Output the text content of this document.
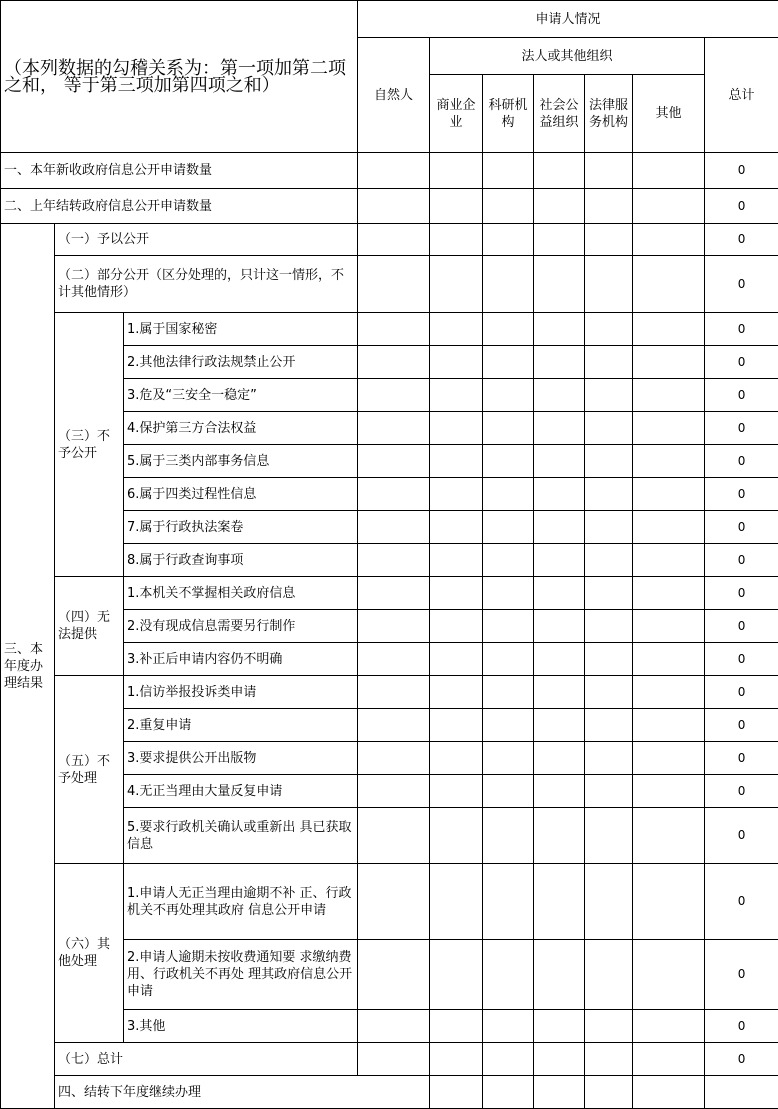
（本列数据的勾稽关系为：第一项加第二项之和， 等于第三项加第四项之和）			申请人情况							
			自然人	法人或其他组织					总计	
				商业企业	科研机构	社会公益组织	法律服务机构	其他		
一、本年新收政府信息公开申请数量									0	
二、上年结转政府信息公开申请数量									0	
三、本年度办理结果	（一）予以公开								0	
	（二）部分公开（区分处理的，只计这一情形，不计其他情形）								0	
	（三）不予公开	1.属于国家秘密							0	
		2.其他法律行政法规禁止公开							0	
		3.危及“三安全一稳定”							0	
		4.保护第三方合法权益							0	
		5.属于三类内部事务信息							0	
		6.属于四类过程性信息							0	
		7.属于行政执法案卷							0	
		8.属于行政查询事项							0	
	（四）无法提供	1.本机关不掌握相关政府信息							0	
		2.没有现成信息需要另行制作							0	
		3.补正后申请内容仍不明确							0	
	（五）不予处理	1.信访举报投诉类申请							0	
		2.重复申请							0	
		3.要求提供公开出版物							0	
		4.无正当理由大量反复申请							0	
		5.要求行政机关确认或重新出 具已获取信息							0	
	（六）其他处理	1.申请人无正当理由逾期不补 正、行政机关不再处理其政府 信息公开申请							0	
		2.申请人逾期未按收费通知要 求缴纳费用、行政机关不再处 理其政府信息公开申请							0	
		3.其他							0	
	（七）总计								0	
	四、结转下年度继续办理							
